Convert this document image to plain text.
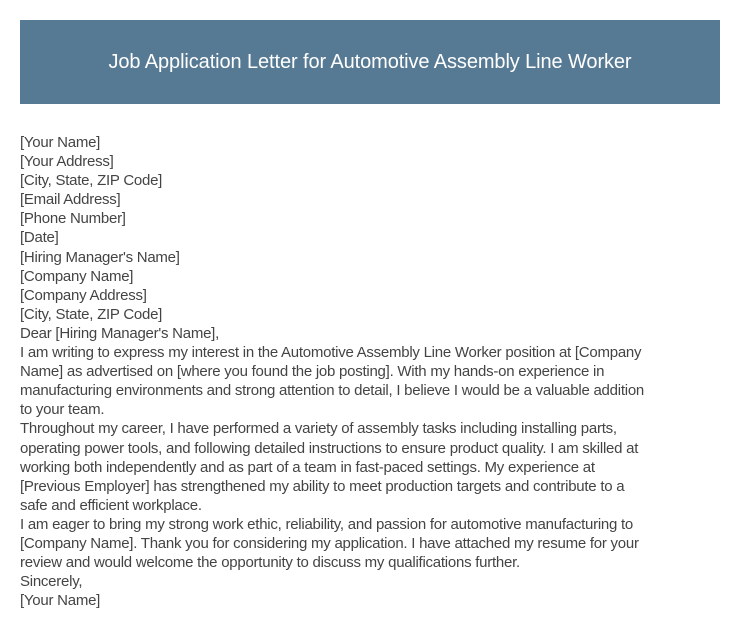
Job Application Letter for Automotive Assembly Line Worker
[Your Name]
[Your Address]
[City, State, ZIP Code]
[Email Address]
[Phone Number]
[Date]
[Hiring Manager's Name]
[Company Name]
[Company Address]
[City, State, ZIP Code]
Dear [Hiring Manager's Name],
I am writing to express my interest in the Automotive Assembly Line Worker position at [Company
Name] as advertised on [where you found the job posting]. With my hands-on experience in
manufacturing environments and strong attention to detail, I believe I would be a valuable addition
to your team.
Throughout my career, I have performed a variety of assembly tasks including installing parts,
operating power tools, and following detailed instructions to ensure product quality. I am skilled at
working both independently and as part of a team in fast-paced settings. My experience at
[Previous Employer] has strengthened my ability to meet production targets and contribute to a
safe and efficient workplace.
I am eager to bring my strong work ethic, reliability, and passion for automotive manufacturing to
[Company Name]. Thank you for considering my application. I have attached my resume for your
review and would welcome the opportunity to discuss my qualifications further.
Sincerely,
[Your Name]
